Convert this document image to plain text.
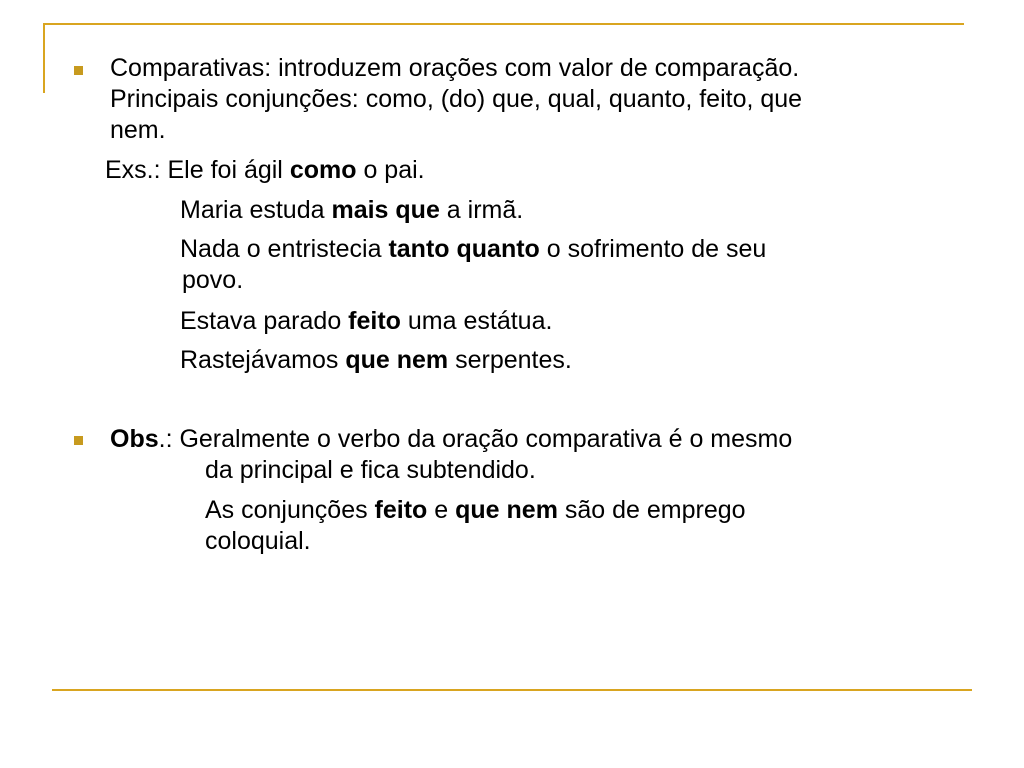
Comparativas: introduzem orações com valor de comparação.
Principais conjunções: como, (do) que, qual, quanto, feito, que
nem.
Exs.: Ele foi ágil como o pai.
Maria estuda mais que a irmã.
Nada o entristecia tanto quanto o sofrimento de seu
povo.
Estava parado feito uma estátua.
Rastejávamos que nem serpentes.
Obs.: Geralmente o verbo da oração comparativa é o mesmo
da principal e fica subtendido.
As conjunções feito e que nem são de emprego
coloquial.
